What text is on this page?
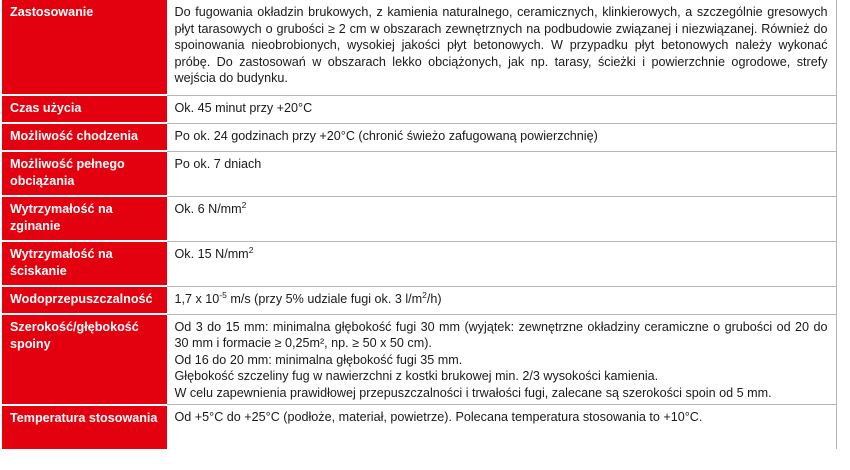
Zastosowanie	Do fugowania okładzin brukowych, z kamienia naturalnego, ceramicznych, klinkierowych, a szczególnie gresowych płyt tarasowych o grubości ≥ 2 cm w obszarach zewnętrznych na podbudowie związanej i niezwiązanej. Również do spoinowania nieobrobionych, wysokiej jakości płyt betonowych. W przypadku płyt betonowych należy wykonać próbę. Do zastosowań w obszarach lekko obciążonych, jak np. tarasy, ścieżki i powierzchnie ogrodowe, strefy wejścia do budynku.
Czas użycia	Ok. 45 minut przy +20°C
Możliwość chodzenia	Po ok. 24 godzinach przy +20°C (chronić świeżo zafugowaną powierzchnię)
Możliwość pełnego obciążania	Po ok. 7 dniach
Wytrzymałość na zginanie	Ok. 6 $N/mm^2$
Wytrzymałość na ściskanie	Ok. 15 $N/mm^2$
Wodoprzepuszczalność	1,7 x $10^{-5}$ m/s (przy 5% udziale fugi ok. 3 $l/m^2/h$)
Szerokość/głębokość spoiny	Od 3 do 15 mm: minimalna głębokość fugi 30 mm (wyjątek: zewnętrzne okładziny ceramiczne o grubości od 20 do 30 mm i formacie ≥ 0,25m², np. ≥ 50 x 50 cm).
Od 16 do 20 mm: minimalna głębokość fugi 35 mm.
Głębokość szczeliny fug w nawierzchni z kostki brukowej min. 2/3 wysokości kamienia.
W celu zapewnienia prawidłowej przepuszczalności i trwałości fugi, zalecane są szerokości spoin od 5 mm.

Temperatura stosowania	Od +5°C do +25°C (podłoże, materiał, powietrze). Polecana temperatura stosowania to +10°C.
